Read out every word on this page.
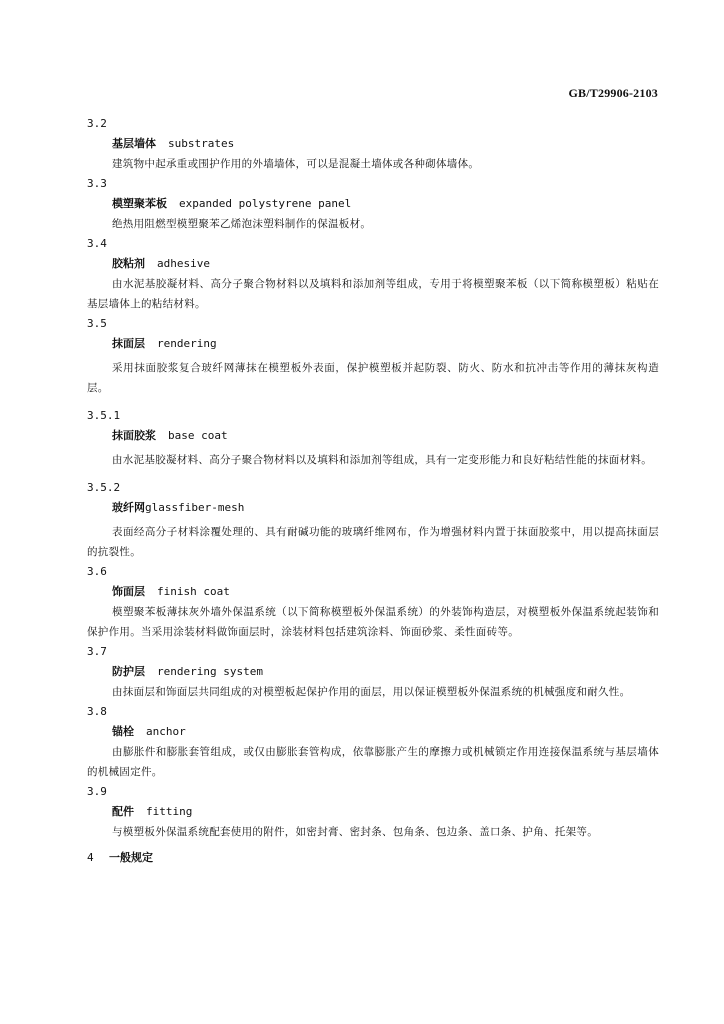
GB/T29906-2103
3.2
基层墙体 substrates
建筑物中起承重或围护作用的外墙墙体，可以是混凝土墙体或各种砌体墙体。
3.3
模塑聚苯板 expanded polystyrene panel
绝热用阻燃型模塑聚苯乙烯泡沫塑料制作的保温板材。
3.4
胶粘剂 adhesive
由水泥基胶凝材料、高分子聚合物材料以及填料和添加剂等组成，专用于将模塑聚苯板（以下简称模塑板）粘贴在基层墙体上的粘结材料。
3.5
抹面层 rendering
采用抹面胶浆复合玻纤网薄抹在模塑板外表面，保护模塑板并起防裂、防火、防水和抗冲击等作用的薄抹灰构造层。
3.5.1
抹面胶浆 base coat
由水泥基胶凝材料、高分子聚合物材料以及填料和添加剂等组成，具有一定变形能力和良好粘结性能的抹面材料。
3.5.2
玻纤网glassfiber-mesh
表面经高分子材料涂覆处理的、具有耐碱功能的玻璃纤维网布，作为增强材料内置于抹面胶浆中，用以提高抹面层的抗裂性。
3.6
饰面层 finish coat
模塑聚苯板薄抹灰外墙外保温系统（以下简称模塑板外保温系统）的外装饰构造层，对模塑板外保温系统起装饰和保护作用。当采用涂装材料做饰面层时，涂装材料包括建筑涂料、饰面砂浆、柔性面砖等。
3.7
防护层 rendering system
由抹面层和饰面层共同组成的对模塑板起保护作用的面层，用以保证模塑板外保温系统的机械强度和耐久性。
3.8
锚栓 anchor
由膨胀件和膨胀套管组成，或仅由膨胀套管构成，依靠膨胀产生的摩擦力或机械锁定作用连接保温系统与基层墙体的机械固定件。
3.9
配件 fitting
与模塑板外保温系统配套使用的附件，如密封膏、密封条、包角条、包边条、盖口条、护角、托架等。
4 一般规定
